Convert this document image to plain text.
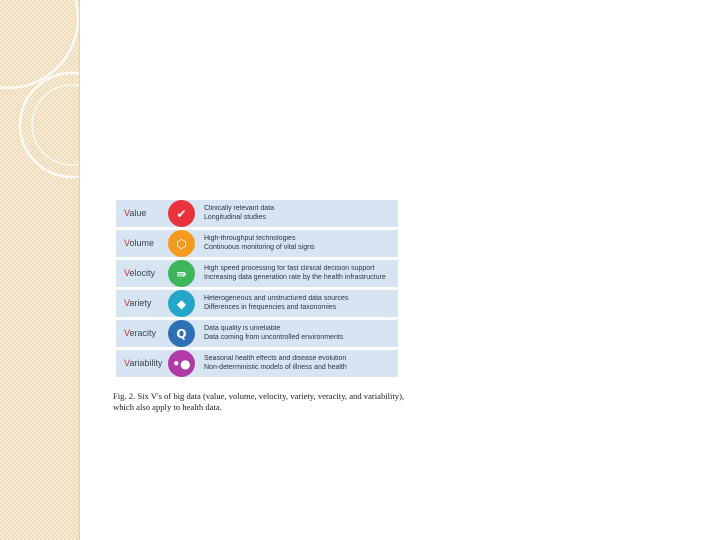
Value	✔ Clinically relevant data
Longitudinal studies
Volume ⬡ High-throughput technologies
Continuous monitoring of vital signs
Velocity ⇛ High speed processing for fast clinical decision support
Increasing data generation rate by the health infrastructure
Variety ◆	Heterogeneous and unstructured data sources
Differences in frequencies and taxonomies
Veracity Q Data quality is unreliable
Data coming from uncontrolled environments
Variability •● Seasonal health effects and disease evolution
Non-deterministic models of illness and health
Fig. 2. Six V's of big data (value, volume, velocity, variety, veracity, and variability), which also apply to health data.
